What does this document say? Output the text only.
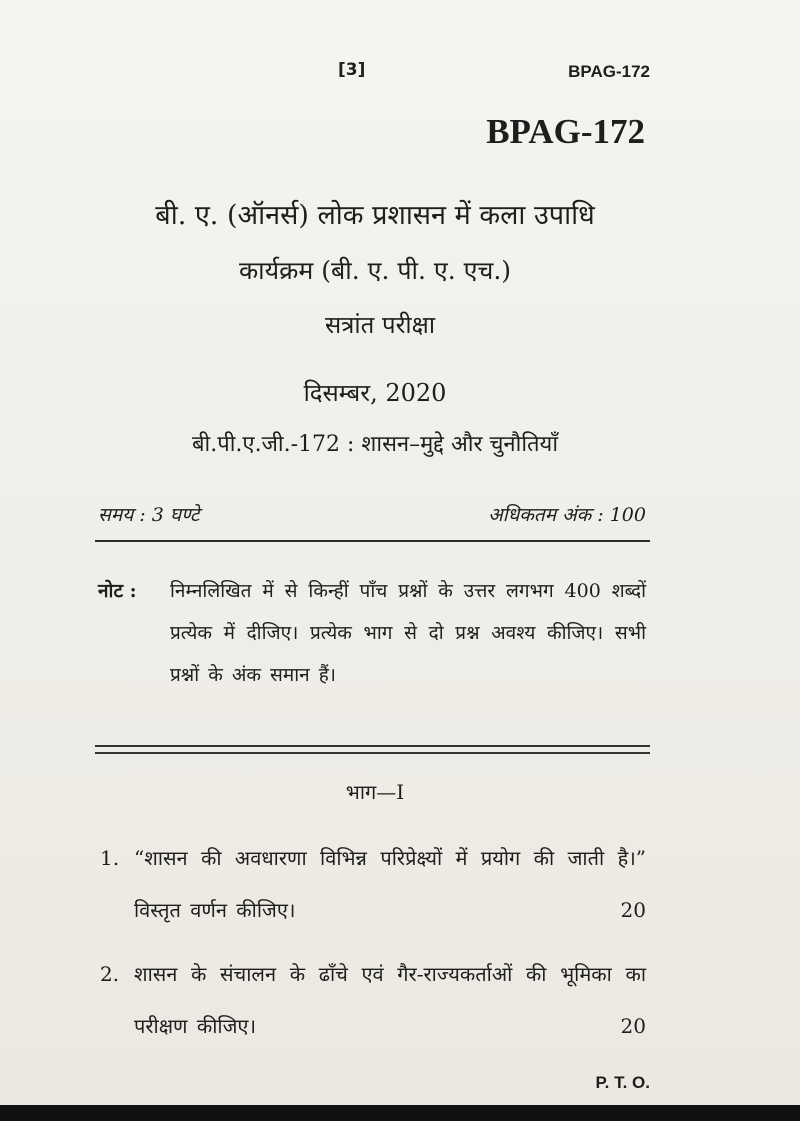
[3]	BPAG-172
BPAG-172
बी. ए. (ऑनर्स) लोक प्रशासन में कला उपाधि
कार्यक्रम (बी. ए. पी. ए. एच.)
सत्रांत परीक्षा
दिसम्बर, 2020
बी.पी.ए.जी.-172 : शासन–मुद्दे और चुनौतियाँ
समय : 3 घण्टे	अधिकतम अंक : 100
नोट : निम्नलिखित में से किन्हीं पाँच प्रश्नों के उत्तर लगभग 400 शब्दों प्रत्येक में दीजिए। प्रत्येक भाग से दो प्रश्न अवश्य कीजिए। सभी प्रश्नों के अंक समान हैं।
भाग—I
1. “शासन की अवधारणा विभिन्न परिप्रेक्ष्यों में प्रयोग की जाती है।” विस्तृत वर्णन कीजिए।	20
2. शासन के संचालन के ढाँचे एवं गैर-राज्यकर्ताओं की भूमिका का परीक्षण कीजिए।	20
P. T. O.
